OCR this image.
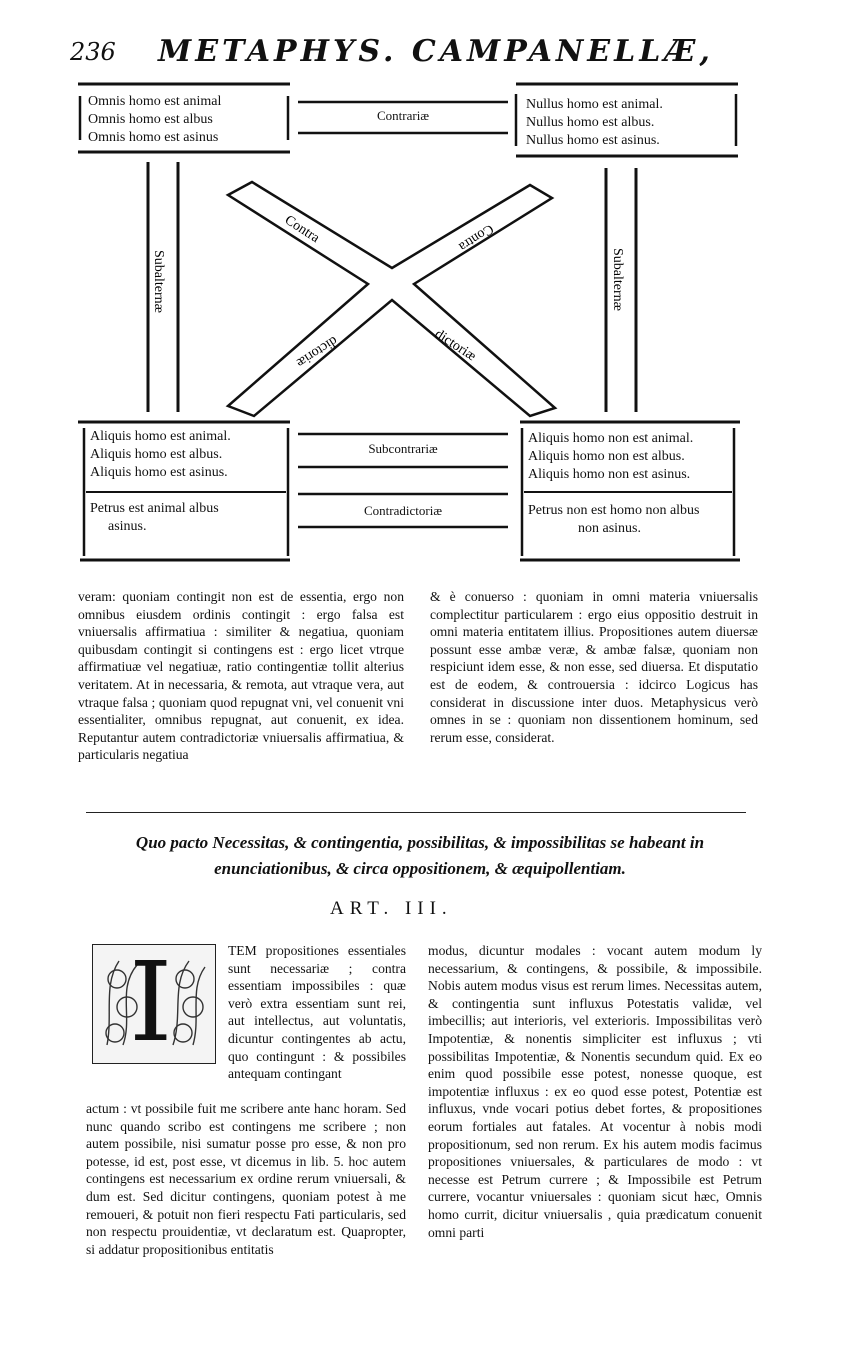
236 METAPHYS. CAMPANELLÆ,
Contra	Contra
dictoriæ	dictoriæ
Subalternæ	Subalternæ
Omnis homo est animal
Omnis homo est albus
Omnis homo est asinus
Nullus homo est animal.
Nullus homo est albus.
Nullus homo est asinus.
Contrariæ
Aliquis homo est animal.
Aliquis homo est albus.
Aliquis homo est asinus.
Petrus est animal albus
asinus.
Aliquis homo non est animal.
Aliquis homo non est albus.
Aliquis homo non est asinus.
Petrus non est homo non albus
non asinus.
Subcontrariæ
Contradictoriæ

veram: quoniam contingit non est de essentia, ergo non omnibus eiusdem ordinis contingit : ergo falsa est vniuersalis affirmatiua : similiter & negatiua, quoniam quibusdam contingit si contingens est : ergo licet vtrque affirmatiuæ vel negatiuæ, ratio contingentiæ tollit alterius veritatem. At in necessaria, & remota, aut vtraque vera, aut vtraque falsa ; quoniam quod repugnat vni, vel conuenit vni essentialiter, omnibus repugnat, aut conuenit, ex idea. Reputantur autem contradictoriæ vniuersalis affirmatiua, & particularis negatiua

& è conuerso : quoniam in omni materia vniuersalis complectitur particularem : ergo eius oppositio destruit in omni materia entitatem illius. Propositiones autem diuersæ possunt esse ambæ veræ, & ambæ falsæ, quoniam non respiciunt idem esse, & non esse, sed diuersa. Et disputatio est de eodem, & controuersia : idcirco Logicus has considerat in discussione inter duos. Metaphysicus verò omnes in se : quoniam non dissentionem hominum, sed rerum esse, considerat.

Quo pacto Necessitas, & contingentia, possibilitas, & impossibilitas se habeant in
enunciationibus, & circa oppositionem, & æquipollentiam.
ART. III.
I	TEM propositiones essentiales sunt necessariæ ; contra essentiam impossibiles : quæ verò extra essentiam sunt rei, aut intellectus, aut voluntatis, dicuntur contingentes ab actu, quo contingunt : & possibiles antequam contingant

actum : vt possibile fuit me scribere ante hanc horam. Sed nunc quando scribo est contingens me scribere ; non autem possibile, nisi sumatur posse pro esse, & non pro potesse, id est, post esse, vt dicemus in lib. 5. hoc autem contingens est necessarium ex ordine rerum vniuersali, & dum est. Sed dicitur contingens, quoniam potest à me remoueri, & potuit non fieri respectu Fati particularis, sed non respectu prouidentiæ, vt declaratum est. Quapropter, si addatur propositionibus entitatis

modus, dicuntur modales : vocant autem modum ly necessarium, & contingens, & possibile, & impossibile. Nobis autem modus visus est rerum limes. Necessitas autem, & contingentia sunt influxus Potestatis validæ, vel imbecillis; aut interioris, vel exterioris. Impossibilitas verò Impotentiæ, & nonentis simpliciter est influxus ; vti possibilitas Impotentiæ, & Nonentis secundum quid. Ex eo enim quod possibile esse potest, nonesse quoque, est impotentiæ influxus : ex eo quod esse potest, Potentiæ est influxus, vnde vocari potius debet fortes, & propositiones eorum fortiales aut fatales. At vocentur à nobis modi propositionum, sed non rerum. Ex his autem modis facimus propositiones vniuersales, & particulares de modo : vt necesse est Petrum currere ; & Impossibile est Petrum currere, vocantur vniuersales : quoniam sicut hæc, Omnis homo currit, dicitur vniuersalis , quia prædicatum conuenit omni parti
